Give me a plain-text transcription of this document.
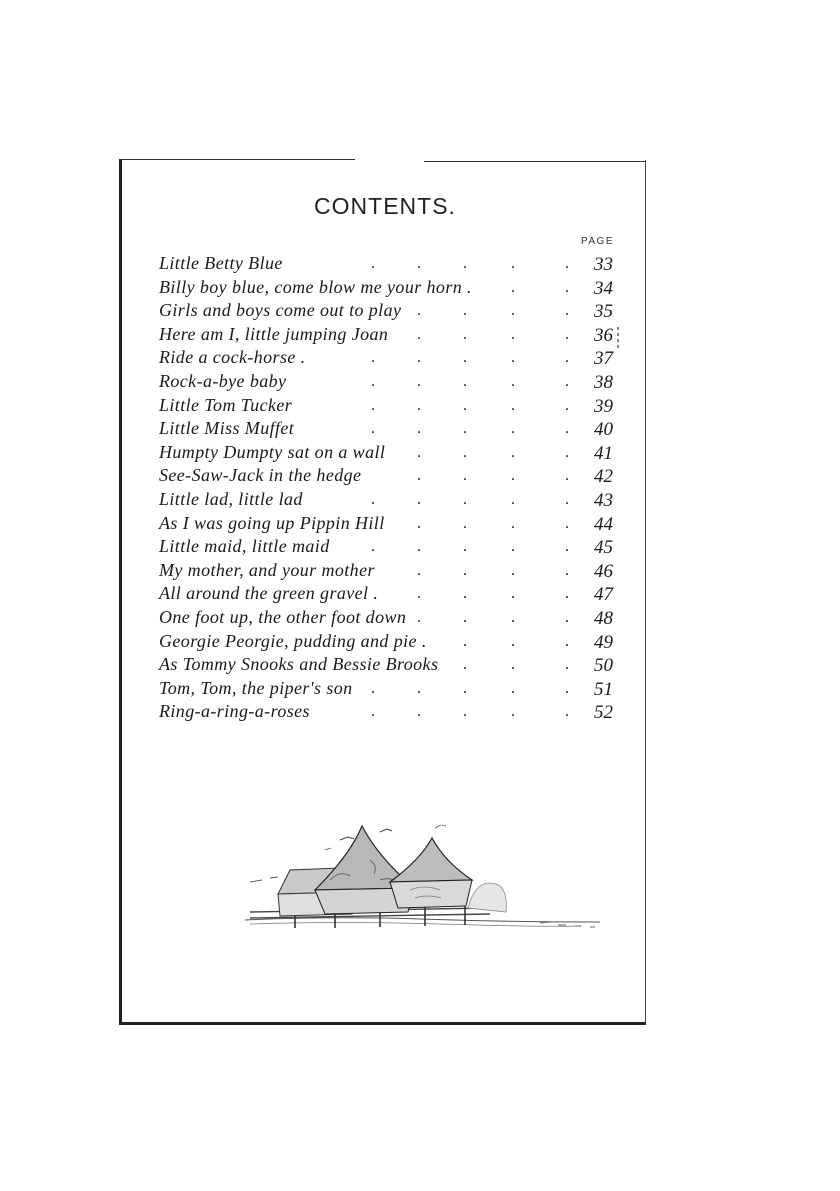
CONTENTS.
PAGE
Little Betty Blue	.	.	.	.	. 33
Billy boy blue, come blow me your horn . .	. 34
Girls and boys come out to play .	.	.	. 35
Here am I, little jumping Joan .	.	.	. 36
Ride a cock-horse .	.	.	.	.	. 37
Rock-a-bye baby	.	.	.	.	. 38
Little Tom Tucker	.	.	.	.	. 39
Little Miss Muffet	.	.	.	.	. 40
Humpty Dumpty sat on a wall .	.	.	. 41
See-Saw-Jack in the hedge	.	.	.	. 42
Little lad, little lad	.	.	.	.	. 43
As I was going up Pippin Hill .	.	.	. 44
Little maid, little maid	.	.	.	.	. 45
My mother, and your mother	.	.	.	. 46
All around the green gravel . .	.	.	. 47
One foot up, the other foot down .	.	.	. 48
Georgie Peorgie, pudding and pie . .	.	. 49
As Tommy Snooks and Bessie Brooks .	.	. 50
Tom, Tom, the piper's son .	.	.	.	. 51
Ring-a-ring-a-roses	.	.	.	.	. 52
